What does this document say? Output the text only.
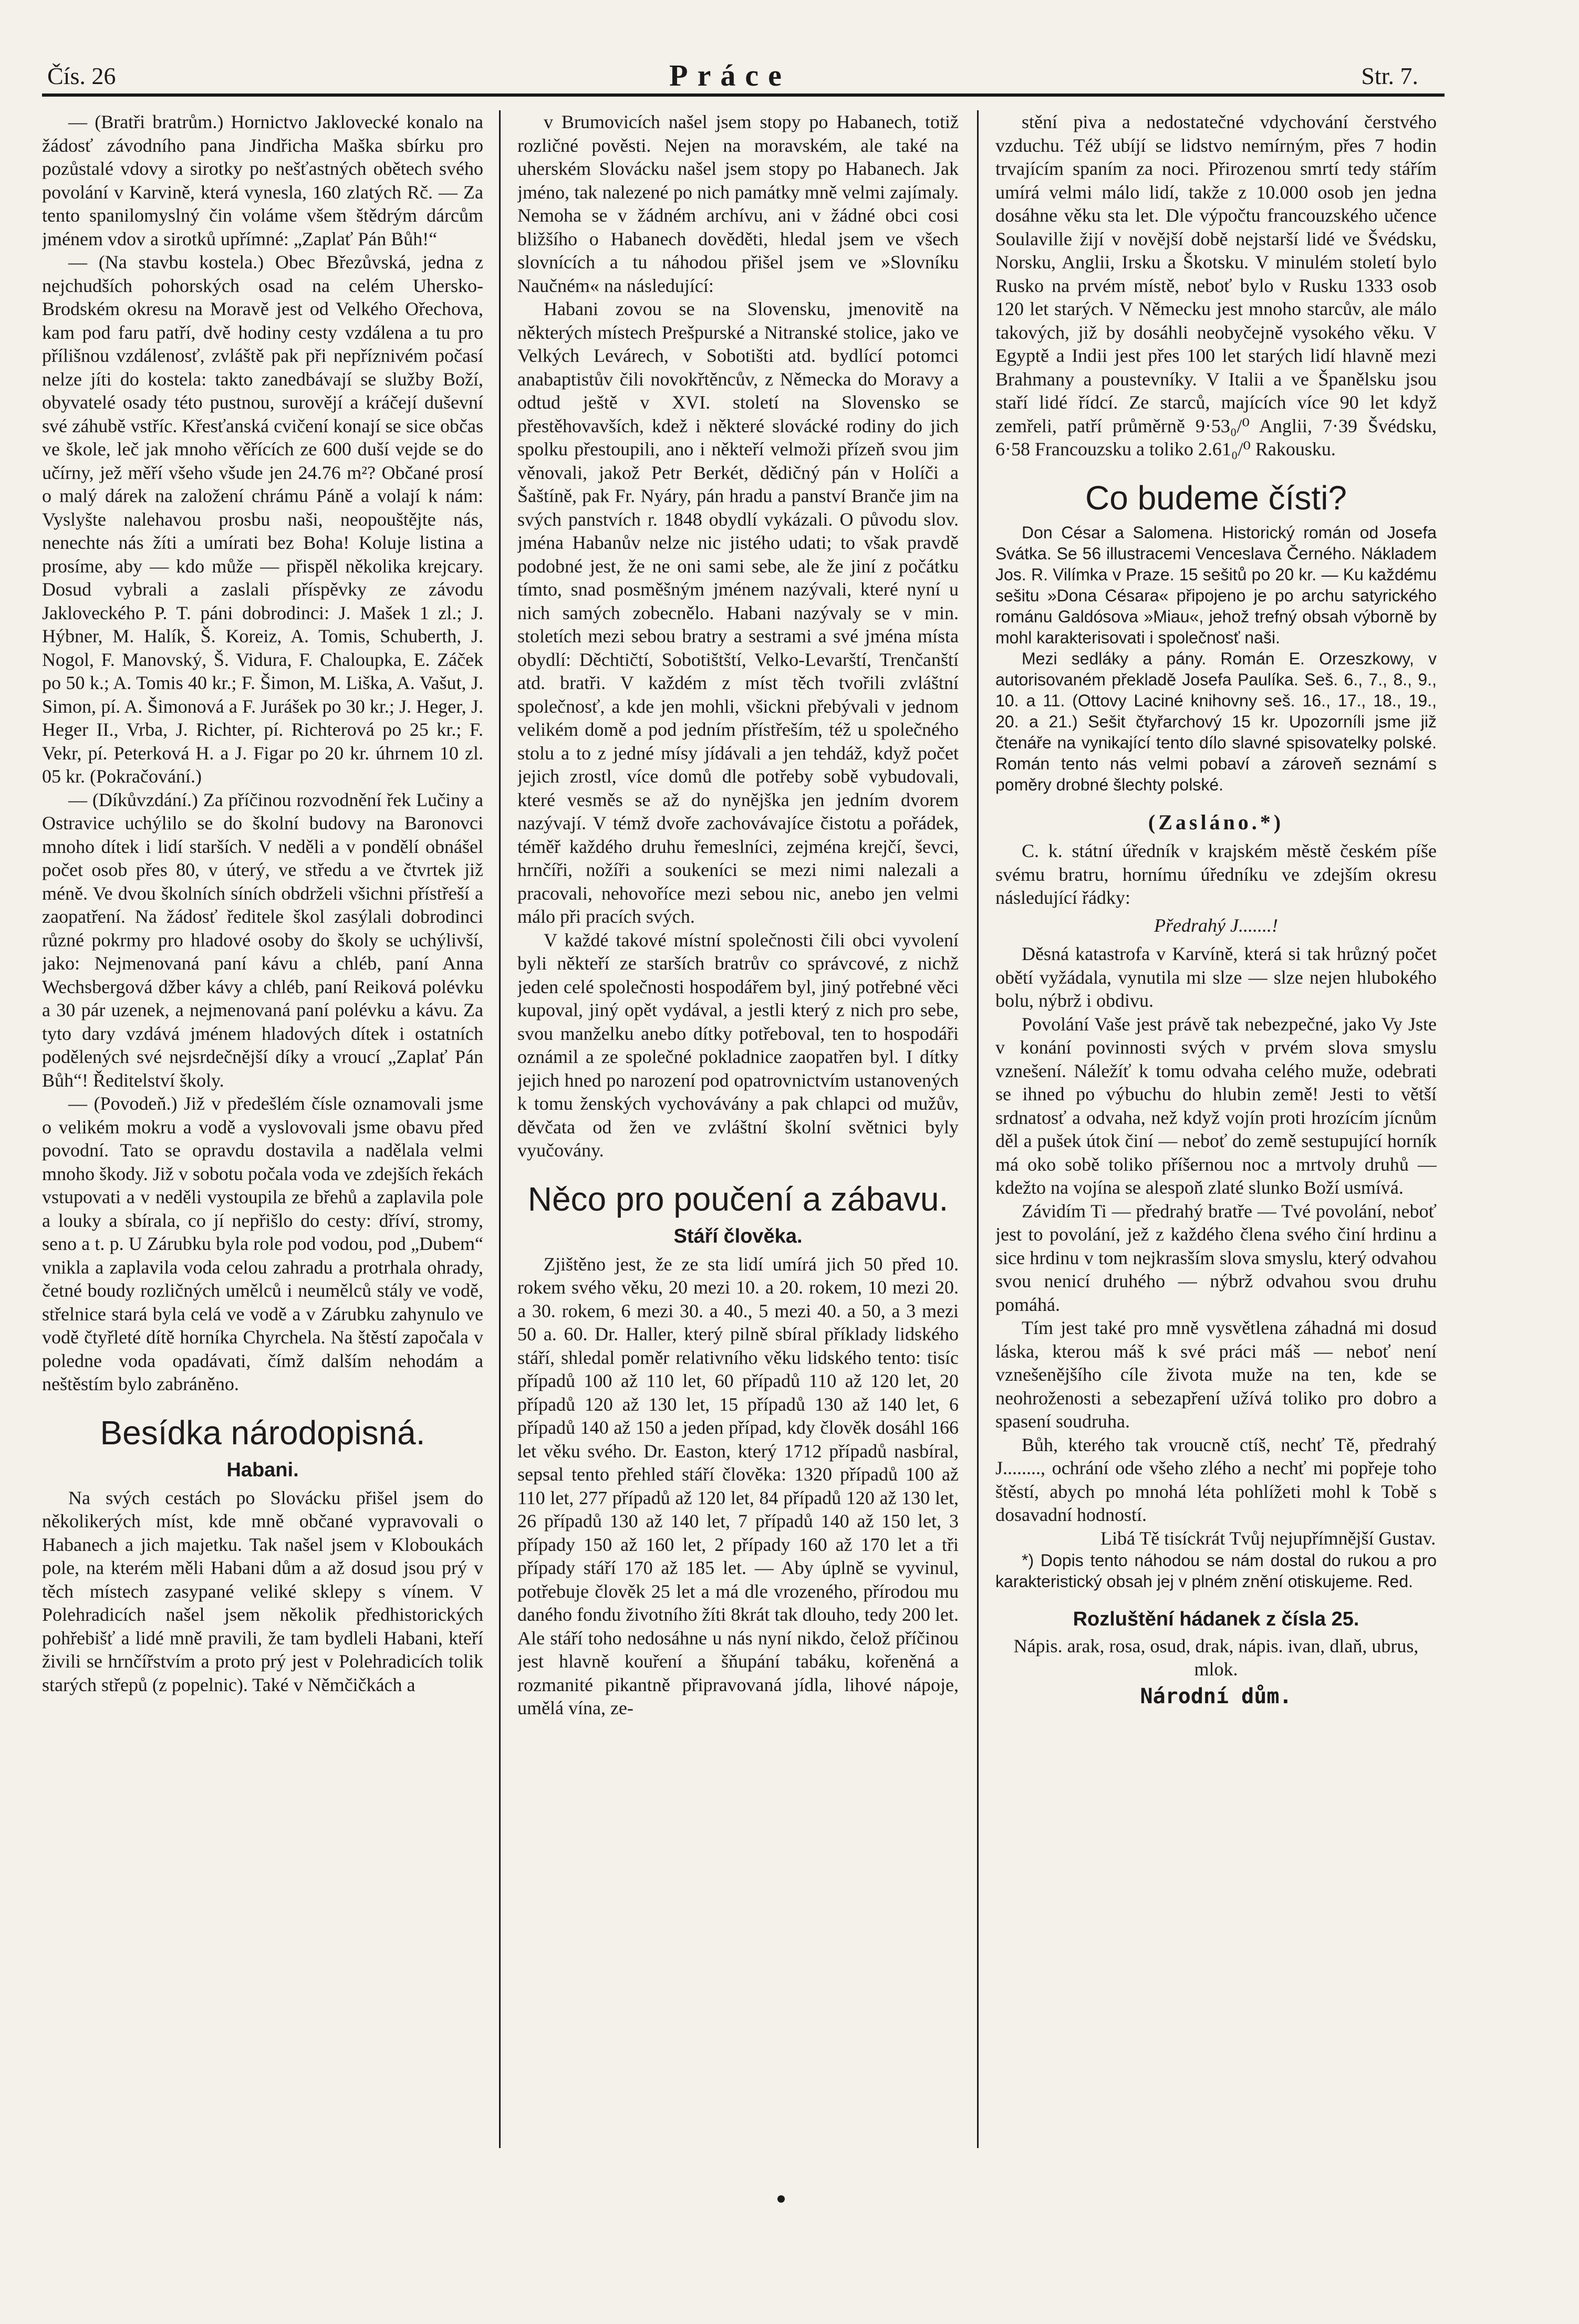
Čís. 26	Práce	Str. 7.

— (Bratři bratrům.) Hornictvo Jaklovecké konalo na žádosť závodního pana Jindřicha Maška sbírku pro pozůstalé vdovy a sirotky po nešťastných obětech svého povolání v Karvině, která vynesla, 160 zlatých Rč. — Za tento spanilomyslný čin voláme všem štědrým dárcům jménem vdov a sirotků upřímné: „Zaplať Pán Bůh!“

— (Na stavbu kostela.) Obec Březůvská, jedna z nejchudších pohorských osad na celém Uhersko-Brodském okresu na Moravě jest od Velkého Ořechova, kam pod faru patří, dvě hodiny cesty vzdálena a tu pro přílišnou vzdálenosť, zvláště pak při nepříznivém počasí nelze jíti do kostela: takto zanedbávají se služby Boží, obyvatelé osady této pustnou, surovějí a kráčejí duševní své záhubě vstříc. Křesťanská cvičení konají se sice občas ve škole, leč jak mnoho věřících ze 600 duší vejde se do učírny, jež měří všeho všude jen 24.76 m²? Občané prosí o malý dárek na založení chrámu Páně a volají k nám: Vyslyšte nalehavou prosbu naši, neopouštějte nás, nenechte nás žíti a umírati bez Boha! Koluje listina a prosíme, aby — kdo může — přispěl několika krejcary. Dosud vybrali a zaslali příspěvky ze závodu Jakloveckého P. T. páni dobrodinci: J. Mašek 1 zl.; J. Hýbner, M. Halík, Š. Koreiz, A. Tomis, Schuberth, J. Nogol, F. Manovský, Š. Vidura, F. Chaloupka, E. Záček po 50 k.; A. Tomis 40 kr.; F. Šimon, M. Liška, A. Vašut, J. Simon, pí. A. Šimonová a F. Jurášek po 30 kr.; J. Heger, J. Heger II., Vrba, J. Richter, pí. Richterová po 25 kr.; F. Vekr, pí. Peterková H. a J. Figar po 20 kr. úhrnem 10 zl. 05 kr. (Pokračování.)

— (Díkůvzdání.) Za příčinou rozvodnění řek Lučiny a Ostravice uchýlilo se do školní budovy na Baronovci mnoho dítek i lidí starších. V neděli a v pondělí obnášel počet osob přes 80, v úterý, ve středu a ve čtvrtek již méně. Ve dvou školních síních obdrželi všichni přístřeší a zaopatření. Na žádosť ředitele škol zasýlali dobrodinci různé pokrmy pro hladové osoby do školy se uchýlivší, jako: Nejmenovaná paní kávu a chléb, paní Anna Wechsbergová džber kávy a chléb, paní Reiková polévku a 30 pár uzenek, a nejmenovaná paní polévku a kávu. Za tyto dary vzdává jménem hladových dítek i ostatních podělených své nejsrdečnější díky a vroucí „Zaplať Pán Bůh“! Ředitelství školy.

— (Povodeň.) Již v předešlém čísle oznamovali jsme o velikém mokru a vodě a vyslovovali jsme obavu před povodní. Tato se opravdu dostavila a nadělala velmi mnoho škody. Již v sobotu počala voda ve zdejších řekách vstupovati a v neděli vystoupila ze břehů a zaplavila pole a louky a sbírala, co jí nepřišlo do cesty: dříví, stromy, seno a t. p. U Zárubku byla role pod vodou, pod „Dubem“ vnikla a zaplavila voda celou zahradu a protrhala ohrady, četné boudy rozličných umělců i neumělců stály ve vodě, střelnice stará byla celá ve vodě a v Zárubku zahynulo ve vodě čtyřleté dítě horníka Chyrchela. Na štěstí započala v poledne voda opadávati, čímž dalším nehodám a neštěstím bylo zabráněno.

Besídka národopisná.
Habani.

Na svých cestách po Slovácku přišel jsem do několikerých míst, kde mně občané vypravovali o Habanech a jich majetku. Tak našel jsem v Kloboukách pole, na kterém měli Habani dům a až dosud jsou prý v těch místech zasypané veliké sklepy s vínem. V Polehradicích našel jsem několik předhistorických pohřebišť a lidé mně pravili, že tam bydleli Habani, kteří živili se hrnčířstvím a proto prý jest v Polehradicích tolik starých střepů (z popelnic). Také v Němčičkách a

v Brumovicích našel jsem stopy po Habanech, totiž rozličné pověsti. Nejen na moravském, ale také na uherském Slovácku našel jsem stopy po Habanech. Jak jméno, tak nalezené po nich památky mně velmi zajímaly. Nemoha se v žádném archívu, ani v žádné obci cosi bližšího o Habanech dověděti, hledal jsem ve všech slovnících a tu náhodou přišel jsem ve »Slovníku Naučném« na následující:

Habani zovou se na Slovensku, jmenovitě na některých místech Prešpurské a Nitranské stolice, jako ve Velkých Levárech, v Sobotišti atd. bydlící potomci anabaptistův čili novokřtěncův, z Německa do Moravy a odtud ještě v XVI. století na Slovensko se přestěhovavších, kdež i některé slovácké rodiny do jich spolku přestoupili, ano i někteří velmoži přízeň svou jim věnovali, jakož Petr Berkét, dědičný pán v Holíči a Šaštíně, pak Fr. Nyáry, pán hradu a panství Branče jim na svých panstvích r. 1848 obydlí vykázali. O původu slov. jména Habanův nelze nic jistého udati; to však pravdě podobné jest, že ne oni sami sebe, ale že jiní z počátku tímto, snad posměšným jménem nazývali, které nyní u nich samých zobecnělo. Habani nazývaly se v min. stoletích mezi sebou bratry a sestrami a své jména místa obydlí: Děchtičtí, Sobotištští, Velko-Levarští, Trenčanští atd. bratři. V každém z míst těch tvořili zvláštní společnosť, a kde jen mohli, všickni přebývali v jednom velikém domě a pod jedním přístřeším, též u společného stolu a to z jedné mísy jídávali a jen tehdáž, když počet jejich zrostl, více domů dle potřeby sobě vybudovali, které vesměs se až do nynějška jen jedním dvorem nazývají. V témž dvoře zachovávajíce čistotu a pořádek, téměř každého druhu řemeslníci, zejména krejčí, ševci, hrnčíři, nožíři a soukeníci se mezi nimi nalezali a pracovali, nehovoříce mezi sebou nic, anebo jen velmi málo při pracích svých.

V každé takové místní společnosti čili obci vyvolení byli někteří ze starších bratrův co správcové, z nichž jeden celé společnosti hospodářem byl, jiný potřebné věci kupoval, jiný opět vydával, a jestli který z nich pro sebe, svou manželku anebo dítky potřeboval, ten to hospodáři oznámil a ze společné pokladnice zaopatřen byl. I dítky jejich hned po narození pod opatrovnictvím ustanovených k tomu ženských vychovávány a pak chlapci od mužův, děvčata od žen ve zvláštní školní světnici byly vyučovány.

Něco pro poučení a zábavu.
Stáří člověka.

Zjištěno jest, že ze sta lidí umírá jich 50 před 10. rokem svého věku, 20 mezi 10. a 20. rokem, 10 mezi 20. a 30. rokem, 6 mezi 30. a 40., 5 mezi 40. a 50, a 3 mezi 50 a. 60. Dr. Haller, který pilně sbíral příklady lidského stáří, shledal poměr relativního věku lidského tento: tisíc případů 100 až 110 let, 60 případů 110 až 120 let, 20 případů 120 až 130 let, 15 případů 130 až 140 let, 6 případů 140 až 150 a jeden případ, kdy člověk dosáhl 166 let věku svého. Dr. Easton, který 1712 případů nasbíral, sepsal tento přehled stáří člověka: 1320 případů 100 až 110 let, 277 případů až 120 let, 84 případů 120 až 130 let, 26 případů 130 až 140 let, 7 případů 140 až 150 let, 3 případy 150 až 160 let, 2 případy 160 až 170 let a tři případy stáří 170 až 185 let. — Aby úplně se vyvinul, potřebuje člověk 25 let a má dle vrozeného, přírodou mu daného fondu životního žíti 8krát tak dlouho, tedy 200 let. Ale stáří toho nedosáhne u nás nyní nikdo, čelož příčinou jest hlavně kouření a šňupání tabáku, kořeněná a rozmanité pikantně připravovaná jídla, lihové nápoje, umělá vína, ze-

stění piva a nedostatečné vdychování čerstvého vzduchu. Též ubíjí se lidstvo nemírným, přes 7 hodin trvajícím spaním za noci. Přirozenou smrtí tedy stářím umírá velmi málo lidí, takže z 10.000 osob jen jedna dosáhne věku sta let. Dle výpočtu francouzského učence Soulaville žijí v novější době nejstarší lidé ve Švédsku, Norsku, Anglii, Irsku a Škotsku. V minulém století bylo Rusko na prvém místě, neboť bylo v Rusku 1333 osob 120 let starých. V Německu jest mnoho starcův, ale málo takových, již by dosáhli neobyčejně vysokého věku. V Egyptě a Indii jest přes 100 let starých lidí hlavně mezi Brahmany a poustevníky. V Italii a ve Španělsku jsou staří lidé řídcí. Ze starců, majících více 90 let když zemřeli, patří průměrně 9·53₀/⁰ Anglii, 7·39 Švédsku, 6·58 Francouzsku a toliko 2.61₀/⁰ Rakousku.

Co budeme čísti?

Don César a Salomena. Historický román od Josefa Svátka. Se 56 illustracemi Venceslava Černého. Nákladem Jos. R. Vilímka v Praze. 15 sešitů po 20 kr. — Ku každému sešitu »Dona Césara« připojeno je po archu satyrického románu Galdósova »Miau«, jehož trefný obsah výborně by mohl karakterisovati i společnosť naši.

Mezi sedláky a pány. Román E. Orzeszkowy, v autorisovaném překladě Josefa Paulíka. Seš. 6., 7., 8., 9., 10. a 11. (Ottovy Laciné knihovny seš. 16., 17., 18., 19., 20. a 21.) Sešit čtyřarchový 15 kr. Upozorníli jsme již čtenáře na vynikající tento dílo slavné spisovatelky polské. Román tento nás velmi pobaví a zároveň seznámí s poměry drobné šlechty polské.

(Zasláno.*)

C. k. státní úředník v krajském městě českém píše svému bratru, hornímu úředníku ve zdejším okresu následující řádky:

Předrahý J.......!

Děsná katastrofa v Karvíně, která si tak hrůzný počet obětí vyžádala, vynutila mi slze — slze nejen hlubokého bolu, nýbrž i obdivu.

Povolání Vaše jest právě tak nebezpečné, jako Vy Jste v konání povinnosti svých v prvém slova smyslu vznešení. Náležíť k tomu odvaha celého muže, odebrati se ihned po výbuchu do hlubin země! Jesti to větší srdnatosť a odvaha, než když vojín proti hrozícím jícnům děl a pušek útok činí — neboť do země sestupující horník má oko sobě toliko příšernou noc a mrtvoly druhů — kdežto na vojína se alespoň zlaté slunko Boží usmívá.

Závidím Ti — předrahý bratře — Tvé povolání, neboť jest to povolání, jež z každého člena svého činí hrdinu a sice hrdinu v tom nejkrasším slova smyslu, který odvahou svou nenicí druhého — nýbrž odvahou svou druhu pomáhá.

Tím jest také pro mně vysvětlena záhadná mi dosud láska, kterou máš k své práci máš — neboť není vznešenějšího cíle života muže na ten, kde se neohroženosti a sebezapření užívá toliko pro dobro a spasení soudruha.

Bůh, kterého tak vroucně ctíš, nechť Tě, předrahý J........, ochrání ode všeho zlého a nechť mi popřeje toho štěstí, abych po mnohá léta pohlížeti mohl k Tobě s dosavadní hodností.

Libá Tě tisíckrát Tvůj nejupřímnější Gustav.

*) Dopis tento náhodou se nám dostal do rukou a pro karakteristický obsah jej v plném znění otiskujeme. Red.

Rozluštění hádanek z čísla 25.
Nápis. arak, rosa, osud, drak, nápis. ivan, dlaň, ubrus, mlok.
Národní dům.
